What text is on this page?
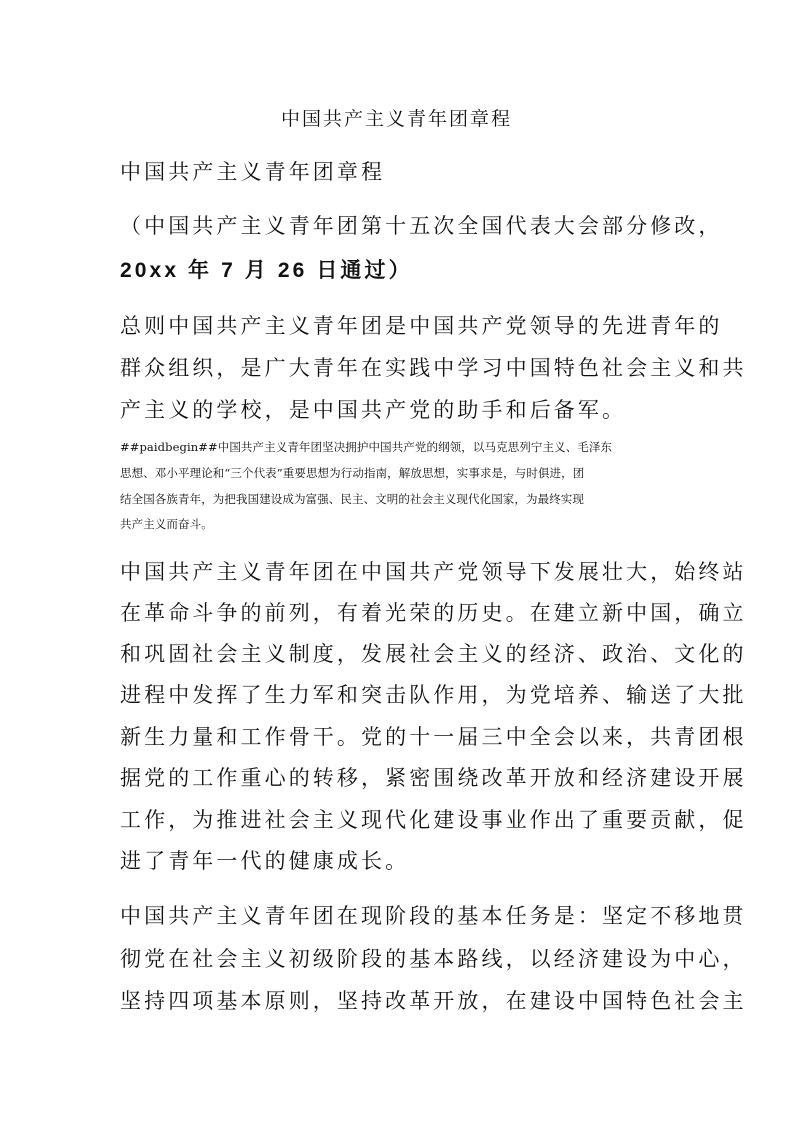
中国共产主义青年团章程
中国共产主义青年团章程
（中国共产主义青年团第十五次全国代表大会部分修改，
20xx 年 7 月 26 日通过）
总则中国共产主义青年团是中国共产党领导的先进青年的
群众组织，是广大青年在实践中学习中国特色社会主义和共
产主义的学校，是中国共产党的助手和后备军。
##paidbegin##中国共产主义青年团坚决拥护中国共产党的纲领，以马克思列宁主义、毛泽东
思想、邓小平理论和“三个代表”重要思想为行动指南，解放思想，实事求是，与时俱进，团
结全国各族青年，为把我国建设成为富强、民主、文明的社会主义现代化国家，为最终实现
共产主义而奋斗。
中国共产主义青年团在中国共产党领导下发展壮大，始终站
在革命斗争的前列，有着光荣的历史。在建立新中国，确立
和巩固社会主义制度，发展社会主义的经济、政治、文化的
进程中发挥了生力军和突击队作用，为党培养、输送了大批
新生力量和工作骨干。党的十一届三中全会以来，共青团根
据党的工作重心的转移，紧密围绕改革开放和经济建设开展
工作，为推进社会主义现代化建设事业作出了重要贡献，促
进了青年一代的健康成长。
中国共产主义青年团在现阶段的基本任务是：坚定不移地贯
彻党在社会主义初级阶段的基本路线，以经济建设为中心，
坚持四项基本原则，坚持改革开放，在建设中国特色社会主
